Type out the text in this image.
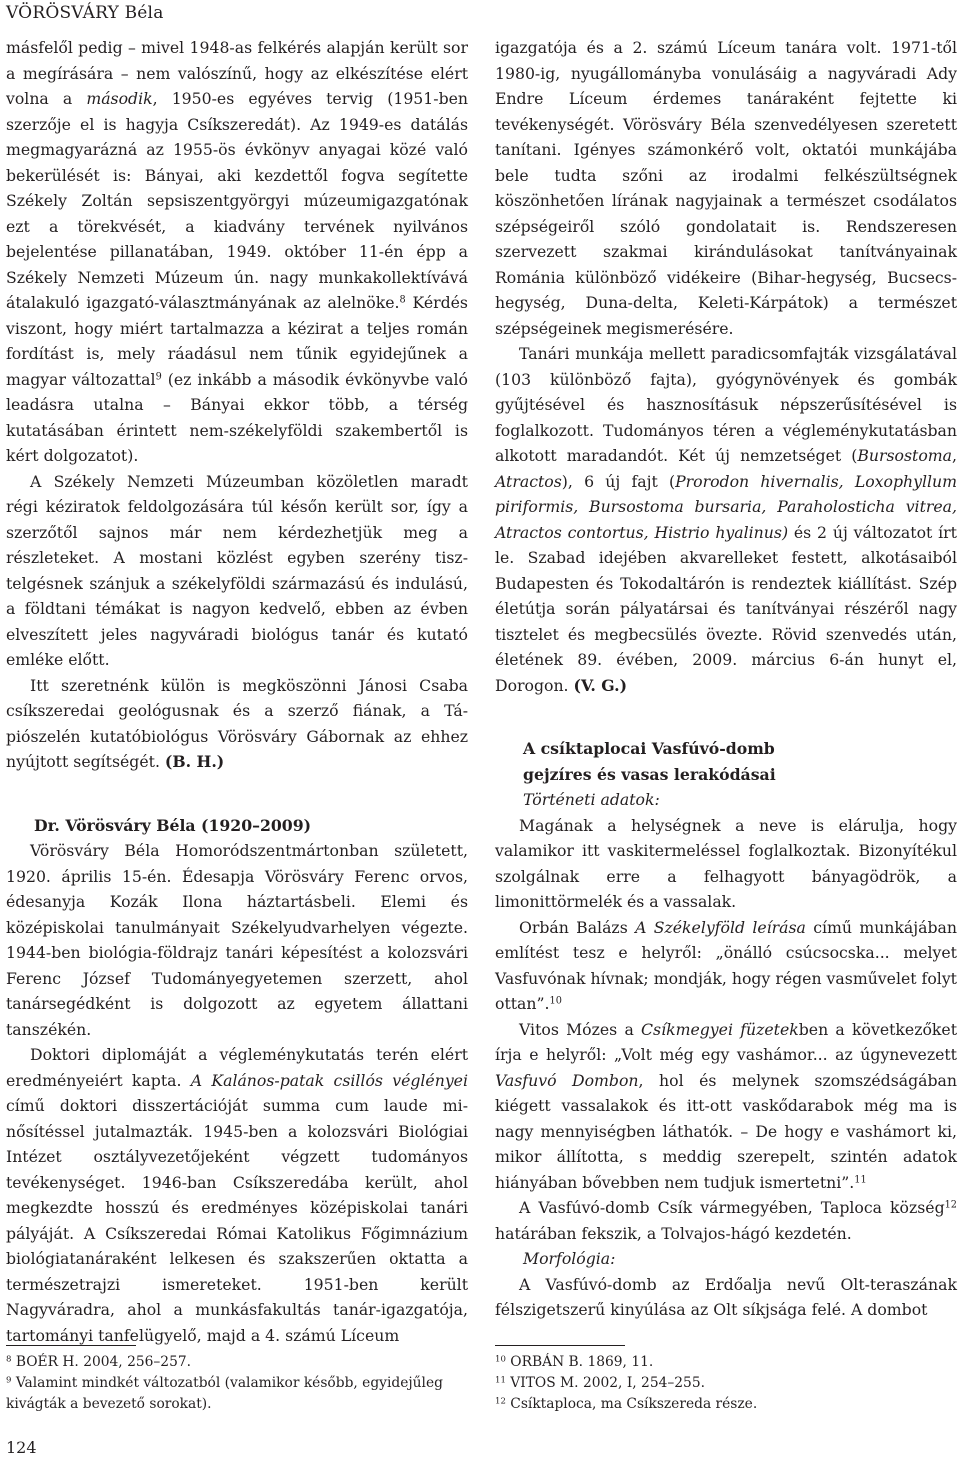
VÖRÖSVÁRY Béla

másfelől pedig – mivel 1948-as felkérés alapján került sor a megírására – nem valószínű, hogy az elkészítése elért volna a második, 1950-es egyéves tervig (1951-ben szerzője el is hagyja Csíkszeredát). Az 1949-es datálás megmagyarázná az 1955-ös évkönyv anyagai közé való bekerülését is: Bányai, aki kezdettől fogva segítette Székely Zoltán sepsiszentgyörgyi múzeumigazgatónak ezt a törekvését, a kiadvány tervének nyilvános bejelentése pillanatában, 1949. október 11-én épp a Székely Nemzeti Múzeum ún. nagy munkakollektívává átalakuló igazgató-választmányának az alelnöke.$^8$ Kérdés viszont, hogy miért tartalmazza a kézirat a teljes román fordítást is, mely ráadásul nem tűnik egyidejűnek a magyar változattal$^9$ (ez inkább a második évkönyvbe való leadásra utalna – Bányai ekkor több, a térség kutatásában érintett nem-székelyföldi szakembertől is kért dolgozatot).

A Székely Nemzeti Múzeumban közöletlen maradt régi kéziratok feldolgozására túl későn került sor, így a szerzőtől sajnos már nem kérdezhetjük meg a részleteket. A mostani közlést egyben szerény tisztelgésnek szánjuk a székelyföldi származású és indulású, a földtani témákat is nagyon kedvelő, ebben az évben elveszített jeles nagyváradi biológus tanár és kutató emléke előtt.

Itt szeretnénk külön is megköszönni Jánosi Csaba csíkszeredai geológusnak és a szerző fiának, a Tápiószelén kutatóbiológus Vörösváry Gábornak az ehhez nyújtott segítségét. (B. H.)

Dr. Vörösváry Béla (1920–2009)

Vörösváry Béla Homoródszentmártonban született, 1920. április 15-én. Édesapja Vörösváry Ferenc orvos, édesanyja Kozák Ilona háztartásbeli. Elemi és középiskolai tanulmányait Székelyudvarhelyen végezte. 1944-ben biológia-földrajz tanári képesítést a kolozsvári Ferenc József Tudományegyetemen szerzett, ahol tanársegédként is dolgozott az egyetem állattani tanszékén.

Doktori diplomáját a végleménykutatás terén elért eredményeiért kapta. A Kalános-patak csillós véglényei című doktori disszertációját summa cum laude minősítéssel jutalmazták. 1945-ben a kolozsvári Biológiai Intézet osztályvezetőjeként végzett tudományos tevékenységet. 1946-ban Csíkszeredába került, ahol megkezdte hosszú és eredményes középiskolai tanári pályáját. A Csíkszeredai Római Katolikus Főgimnázium biológiatanáraként lelkesen és szakszerűen oktatta a természetrajzi ismereteket. 1951-ben került Nagyváradra, ahol a munkásfakultás tanár-igazgatója, tartományi tanfelügyelő, majd a 4. számú Líceum

igazgatója és a 2. számú Líceum tanára volt. 1971-től 1980-ig, nyugállományba vonulásáig a nagyváradi Ady Endre Líceum érdemes tanáraként fejtette ki tevékenységét. Vörösváry Béla szenvedélyesen szeretett tanítani. Igényes számonkérő volt, oktatói munkájába bele tudta szőni az irodalmi felkészültségnek köszönhetően lírának nagyjainak a természet csodálatos szépségeiről szóló gondolatait is. Rendszeresen szervezett szakmai kirándulásokat tanítványainak Románia különböző vidékeire (Bihar-hegység, Bucsecs-hegység, Duna-delta, Keleti-Kárpátok) a természet szépségeinek megismerésére.

Tanári munkája mellett paradicsomfajták vizsgálatával (103 különböző fajta), gyógynövények és gombák gyűjtésével és hasznosításuk népszerűsítésével is foglalkozott. Tudományos téren a végleménykutatásban alkotott maradandót. Két új nemzetséget (Bursostoma, Atractos), 6 új fajt (Prorodon hivernalis, Loxophyllum piriformis, Bursostoma bursaria, Paraholosticha vitrea, Atractos contortus, Histrio hyalinus) és 2 új változatot írt le. Szabad idejében akvarelleket festett, alkotásaiból Budapesten és Tokodaltárón is rendeztek kiállítást. Szép életútja során pályatársai és tanítványai részéről nagy tisztelet és megbecsülés övezte. Rövid szenvedés után, életének 89. évében, 2009. március 6-án hunyt el, Dorogon. (V. G.)

A csíktaplocai Vasfúvó-domb

gejzíres és vasas lerakódásai

Történeti adatok:

Magának a helységnek a neve is elárulja, hogy valamikor itt vaskitermeléssel foglalkoztak. Bizonyítékul szolgálnak erre a felhagyott bányagödrök, a limonittörmelék és a vassalak.

Orbán Balázs A Székelyföld leírása című munkájában említést tesz e helyről: „önálló csúcsocska... melyet Vasfuvónak hívnak; mondják, hogy régen vasművelet folyt ottan”.$^{10}$

Vitos Mózes a Csíkmegyei füzetekben a következőket írja e helyről: „Volt még egy vashámor... az úgynevezett Vasfuvó Dombon, hol és melynek szomszédságában kiégett vassalakok és itt-ott vaskődarabok még ma is nagy mennyiségben láthatók. – De hogy e vashámort ki, mikor állította, s meddig szerepelt, szintén adatok hiányában bővebben nem tudjuk ismertetni”.$^{11}$

A Vasfúvó-domb Csík vármegyében, Taploca község$^{12}$ határában fekszik, a Tolvajos-hágó kezdetén.

Morfológia:

A Vasfúvó-domb az Erdőalja nevű Olt-teraszának félszigetszerű kinyúlása az Olt síkjsága felé. A dombot

$^8$ BOÉR H. 2004, 256–257.

$^9$ Valamint mindkét változatból (valamikor később, egyidejűleg kivágták a bevezető sorokat).

$^{10}$ ORBÁN B. 1869, 11.

$^{11}$ VITOS M. 2002, I, 254–255.

$^{12}$ Csíktaploca, ma Csíkszereda része.

124
